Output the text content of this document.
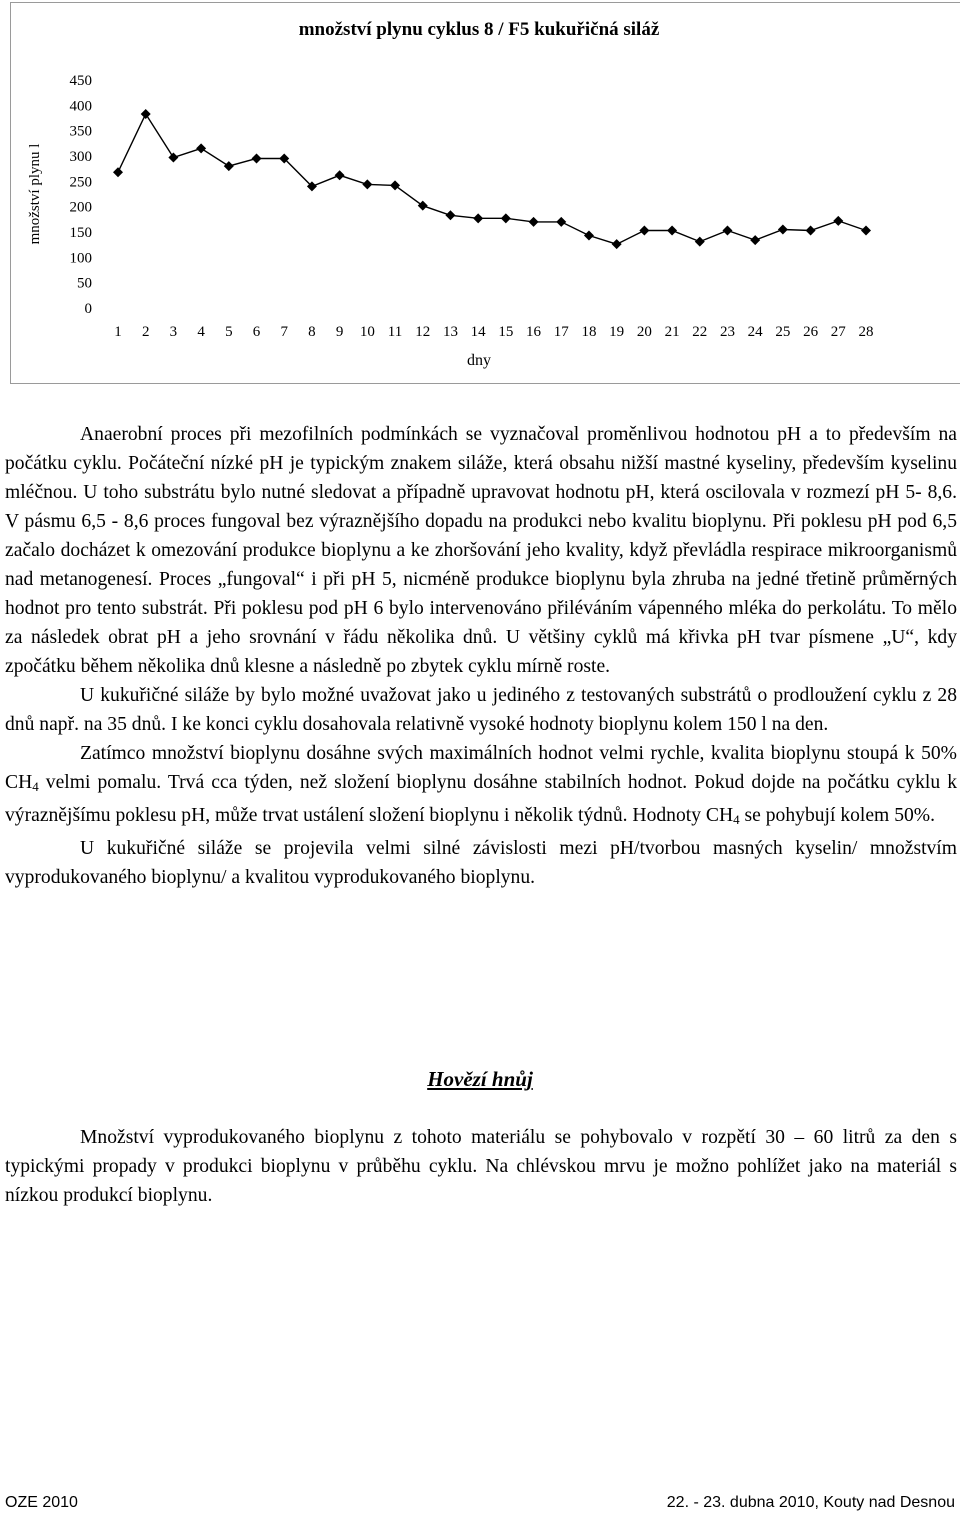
množství plynu cyklus 8 / F5 kukuřičná siláž
množství plynu l
dny
0
50
100
150
200
250
300
350
400
450
1 2 3 4 5 6 7 8 9 10 11 12 13 14 15 16 17 18 19 20 21 22 23 24 25 26 27 28

Anaerobní proces při mezofilních podmínkách se vyznačoval proměnlivou hodnotou pH a to především na počátku cyklu. Počáteční nízké pH je typickým znakem siláže, která obsahu nižší mastné kyseliny, především kyselinu mléčnou. U toho substrátu bylo nutné sledovat a případně upravovat hodnotu pH, která oscilovala v rozmezí pH 5- 8,6. V pásmu 6,5 - 8,6 proces fungoval bez výraznějšího dopadu na produkci nebo kvalitu bioplynu. Při poklesu pH pod 6,5 začalo docházet k omezování produkce bioplynu a ke zhoršování jeho kvality, když převládla respirace mikroorganismů nad metanogenesí. Proces „fungoval“ i při pH 5, nicméně produkce bioplynu byla zhruba na jedné třetině průměrných hodnot pro tento substrát. Při poklesu pod pH 6 bylo intervenováno přiléváním vápenného mléka do perkolátu. To mělo za následek obrat pH a jeho srovnání v řádu několika dnů. U většiny cyklů má křivka pH tvar písmene „U“, kdy zpočátku během několika dnů klesne a následně po zbytek cyklu mírně roste.

U kukuřičné siláže by bylo možné uvažovat jako u jediného z testovaných substrátů o prodloužení cyklu z 28 dnů např. na 35 dnů. I ke konci cyklu dosahovala relativně vysoké hodnoty bioplynu kolem 150 l na den.

Zatímco množství bioplynu dosáhne svých maximálních hodnot velmi rychle, kvalita bioplynu stoupá k 50% $CH_4$ velmi pomalu. Trvá cca týden, než složení bioplynu dosáhne stabilních hodnot. Pokud dojde na počátku cyklu k výraznějšímu poklesu pH, může trvat ustálení složení bioplynu i několik týdnů. Hodnoty $CH_4$ se pohybují kolem 50%.

U kukuřičné siláže se projevila velmi silné závislosti mezi pH/tvorbou masných kyselin/ množstvím vyprodukovaného bioplynu/ a kvalitou vyprodukovaného bioplynu.

Hovězí hnůj

Množství vyprodukovaného bioplynu z tohoto materiálu se pohybovalo v rozpětí 30 – 60 litrů za den s typickými propady v produkci bioplynu v průběhu cyklu. Na chlévskou mrvu je možno pohlížet jako na materiál s nízkou produkcí bioplynu.

OZE 2010	22. - 23. dubna 2010, Kouty nad Desnou
